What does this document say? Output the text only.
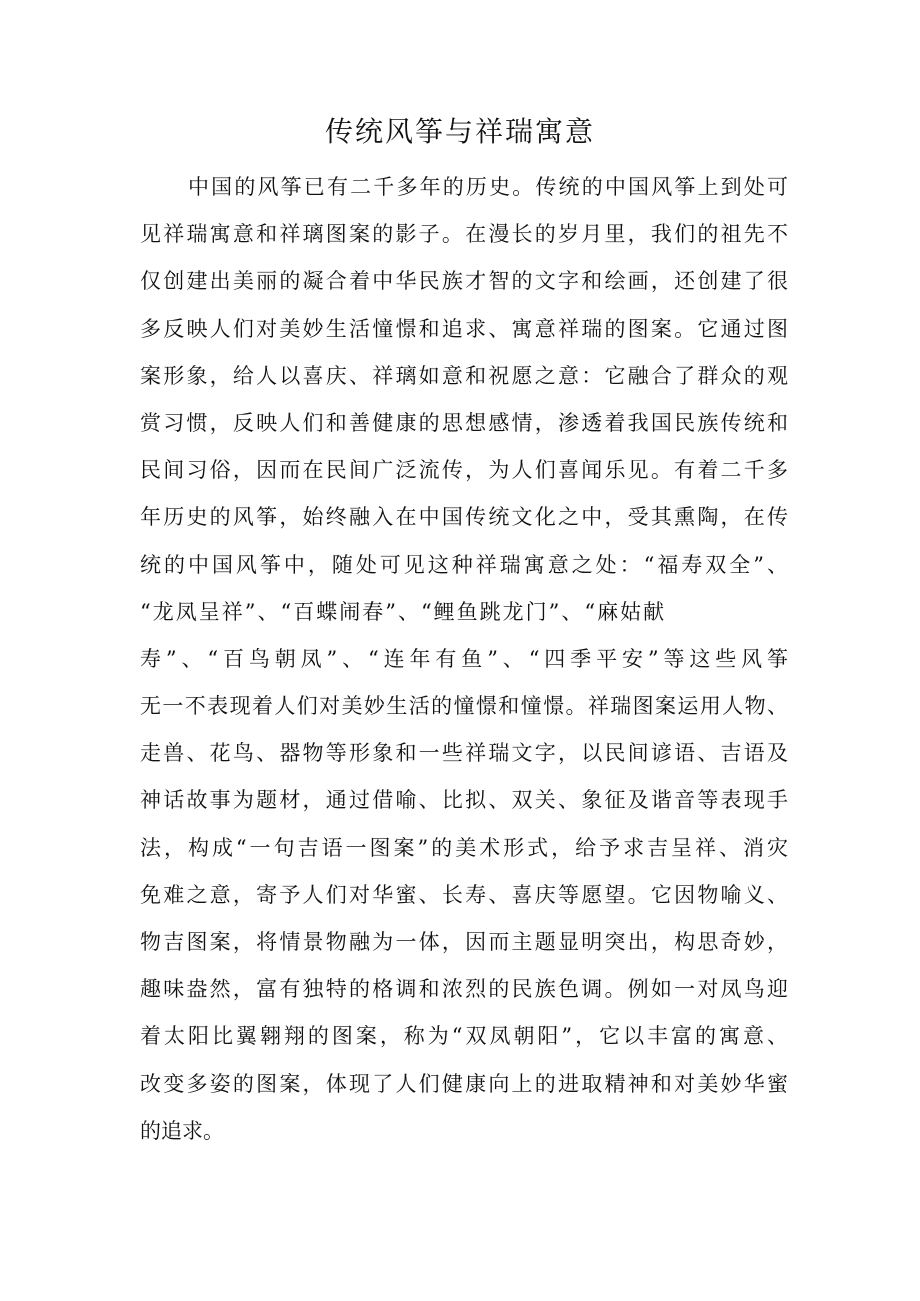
传统风筝与祥瑞寓意
中国的风筝已有二千多年的历史。传统的中国风筝上到处可
见祥瑞寓意和祥璃图案的影子。在漫长的岁月里，我们的祖先不
仅创建出美丽的凝合着中华民族才智的文字和绘画，还创建了很
多反映人们对美妙生活憧憬和追求、寓意祥瑞的图案。它通过图
案形象，给人以喜庆、祥璃如意和祝愿之意：它融合了群众的观
赏习惯，反映人们和善健康的思想感情，渗透着我国民族传统和
民间习俗，因而在民间广泛流传，为人们喜闻乐见。有着二千多
年历史的风筝，始终融入在中国传统文化之中，受其熏陶，在传
统的中国风筝中，随处可见这种祥瑞寓意之处：“福寿双全”、
“龙凤呈祥”、“百蝶闹春”、“鲤鱼跳龙门”、“麻姑献
寿”、“百鸟朝凤”、“连年有鱼”、“四季平安”等这些风筝
无一不表现着人们对美妙生活的憧憬和憧憬。祥瑞图案运用人物、
走兽、花鸟、器物等形象和一些祥瑞文字，以民间谚语、吉语及
神话故事为题材，通过借喻、比拟、双关、象征及谐音等表现手
法，构成“一句吉语一图案”的美术形式，给予求吉呈祥、消灾
免难之意，寄予人们对华蜜、长寿、喜庆等愿望。它因物喻义、
物吉图案，将情景物融为一体，因而主题显明突出，构思奇妙，
趣味盎然，富有独特的格调和浓烈的民族色调。例如一对凤鸟迎
着太阳比翼翱翔的图案，称为“双凤朝阳”，它以丰富的寓意、
改变多姿的图案，体现了人们健康向上的进取精神和对美妙华蜜
的追求。
